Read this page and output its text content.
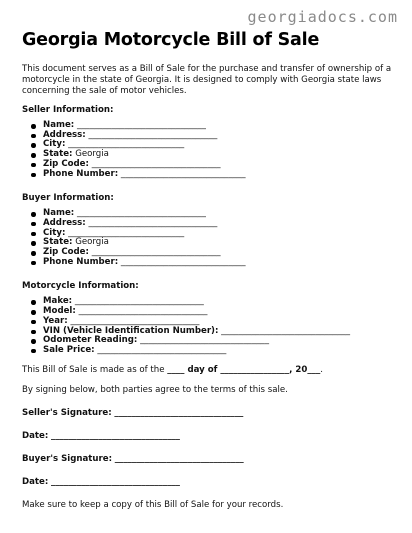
georgiadocs.com
Georgia Motorcycle Bill of Sale

This document serves as a Bill of Sale for the purchase and transfer of ownership of a motorcycle in the state of Georgia. It is designed to comply with Georgia state laws concerning the sale of motor vehicles.

Seller Information:
Name: ______________________________
Address: ______________________________
City: ___________________________
State: Georgia
Zip Code: ______________________________
Phone Number: _____________________________
Buyer Information:
Name: ______________________________
Address: ______________________________
City: ___________________________
State: Georgia
Zip Code: ______________________________
Phone Number: _____________________________
Motorcycle Information:
Make: ______________________________
Model: ______________________________
Year: ______________________________
VIN (Vehicle Identification Number): ______________________________
Odometer Reading: ______________________________
Sale Price: ______________________________

This Bill of Sale is made as of the ____ day of ________________, 20___.

By signing below, both parties agree to the terms of this sale.

Seller's Signature: ______________________________

Date: ______________________________

Buyer's Signature: ______________________________

Date: ______________________________

Make sure to keep a copy of this Bill of Sale for your records.
